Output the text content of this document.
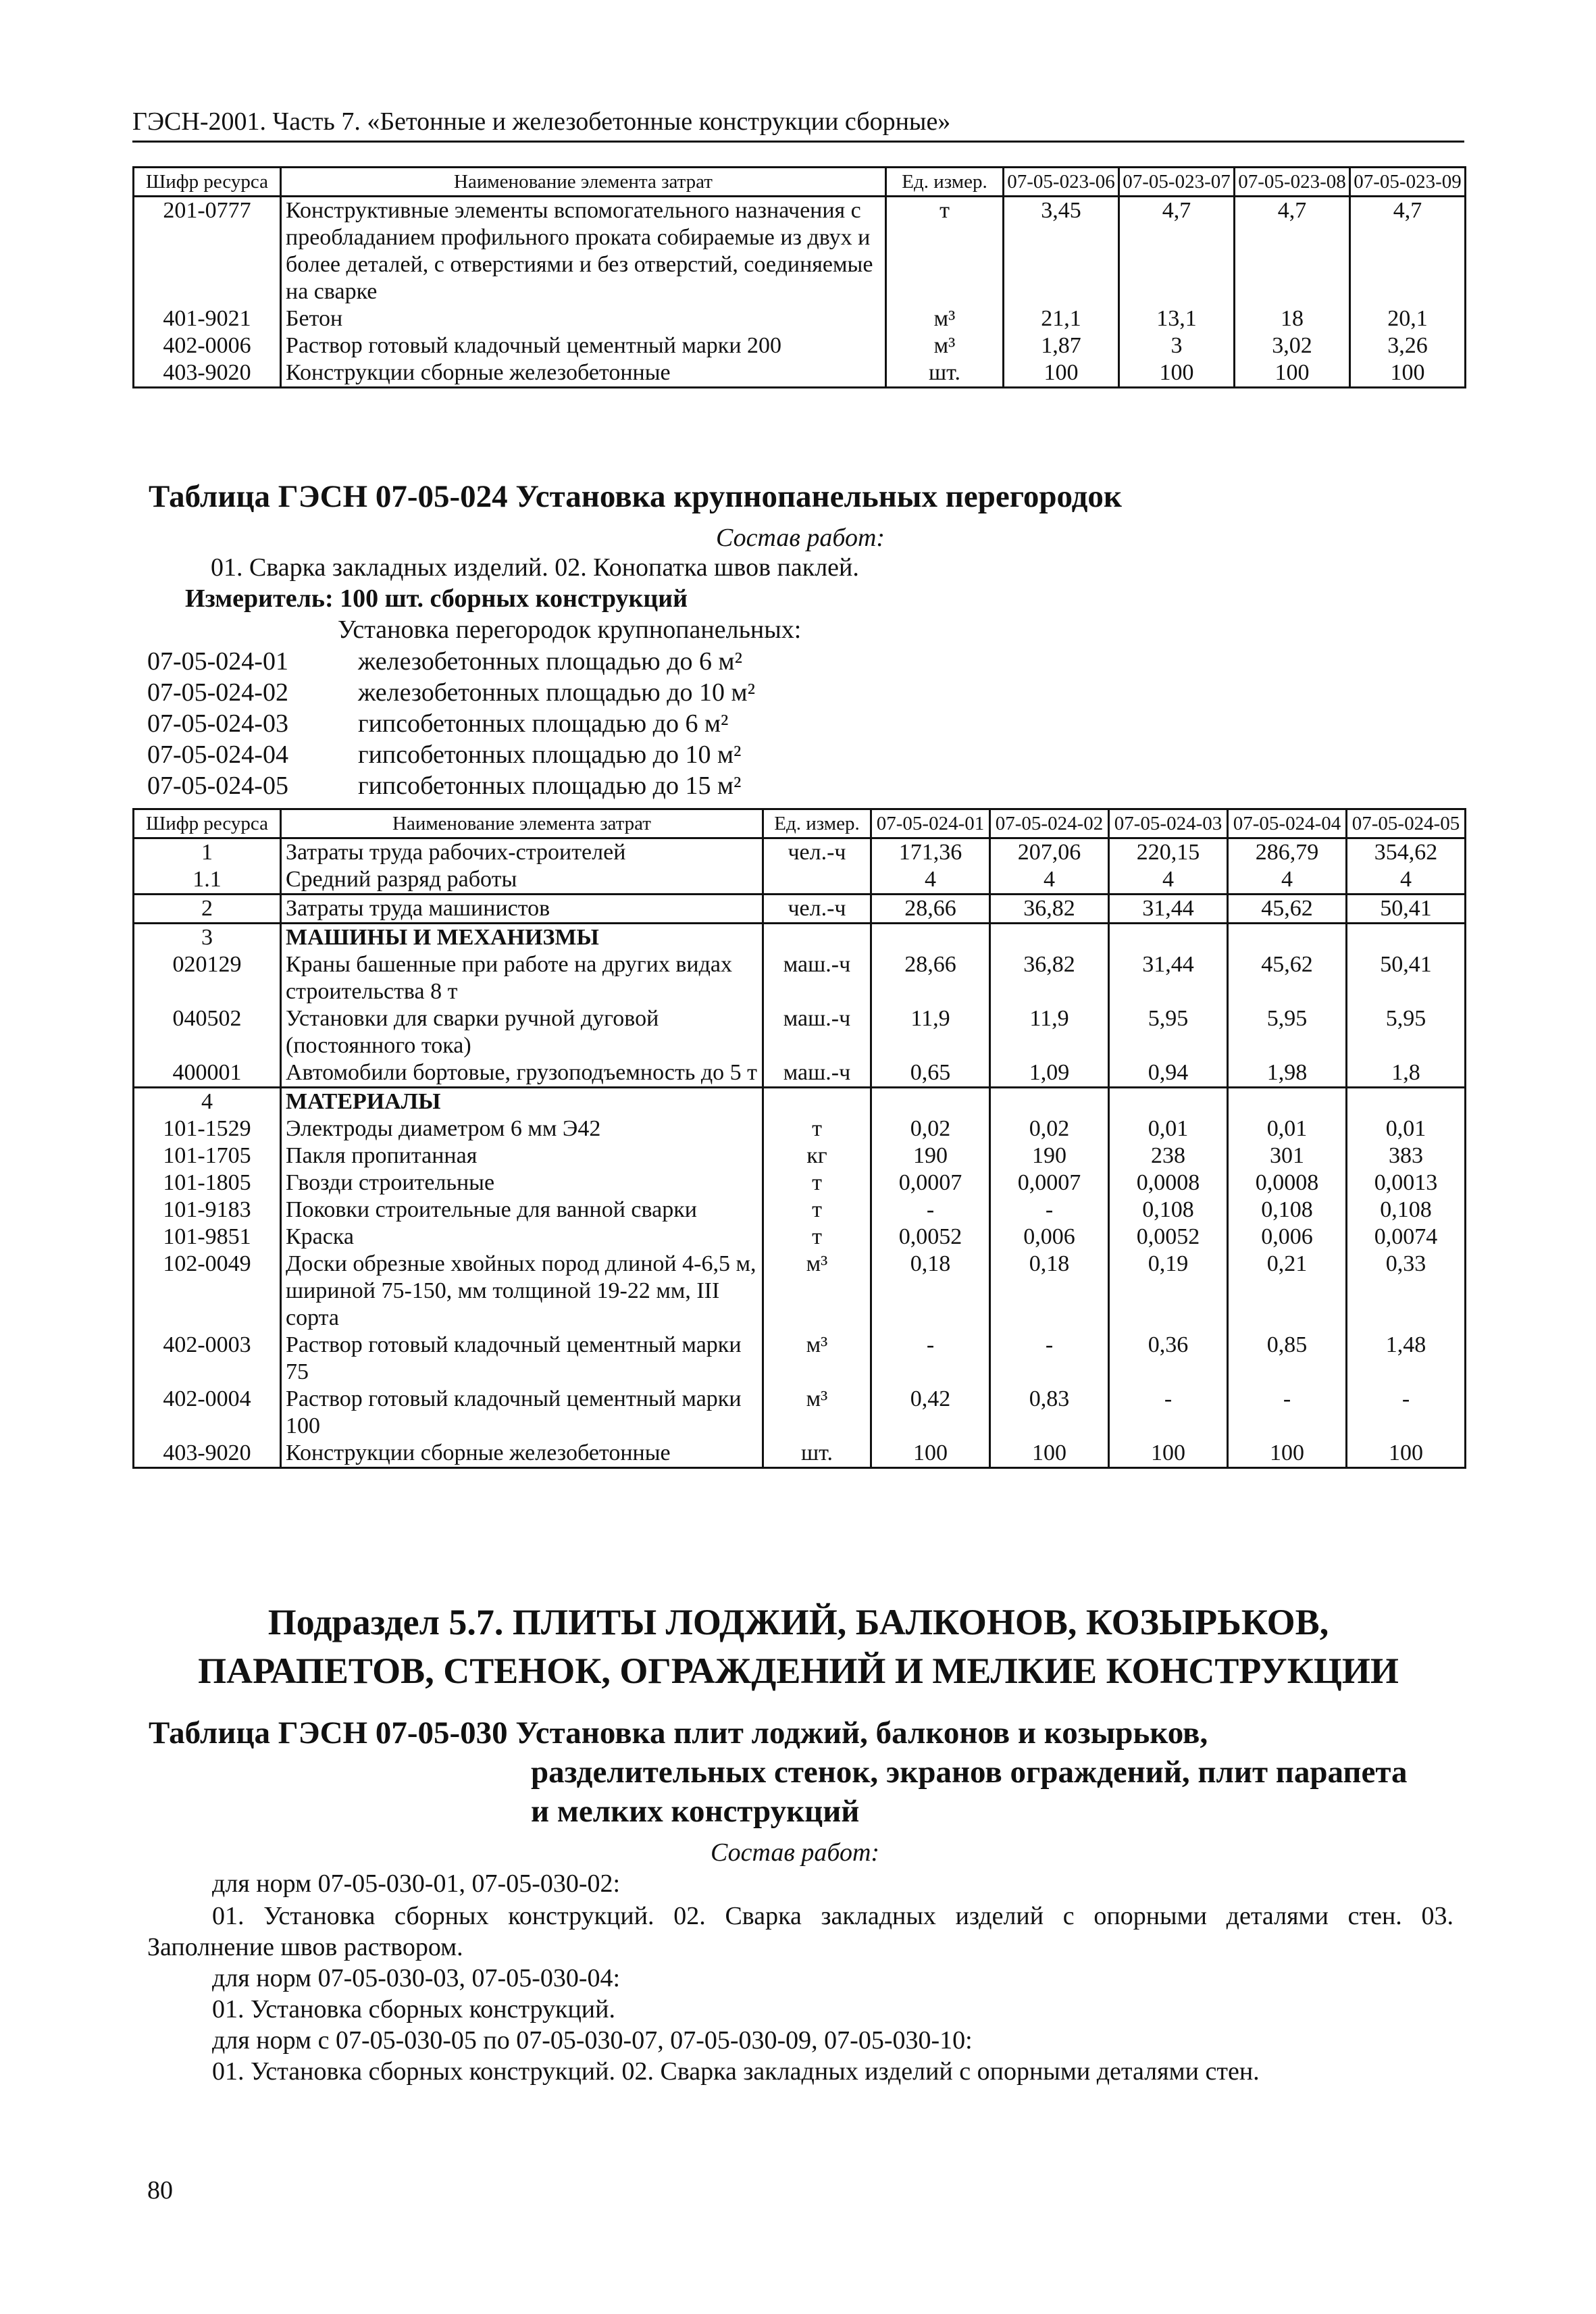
ГЭСН-2001. Часть 7. «Бетонные и железобетонные конструкции сборные»
Шифр ресурса	Наименование элемента затрат	Ед. измер.	07-05-023-06	07-05-023-07	07-05-023-08	07-05-023-09
201-0777	Конструктивные элементы вспомогательного назначения с преобладанием профильного проката собираемые из двух и более деталей, с отверстиями и без отверстий, соединяемые на сварке	т	3,45	4,7	4,7	4,7
401-9021	Бетон	м³	21,1	13,1	18	20,1
402-0006	Раствор готовый кладочный цементный марки 200	м³	1,87	3	3,02	3,26
403-9020	Конструкции сборные железобетонные	шт.	100	100	100	100
Таблица ГЭСН 07-05-024 Установка крупнопанельных перегородок
Состав работ:
01. Сварка закладных изделий. 02. Конопатка швов паклей.
Измеритель: 100 шт. сборных конструкций
Установка перегородок крупнопанельных:
07-05-024-01	железобетонных площадью до 6 м²
07-05-024-02	железобетонных площадью до 10 м²
07-05-024-03	гипсобетонных площадью до 6 м²
07-05-024-04	гипсобетонных площадью до 10 м²
07-05-024-05	гипсобетонных площадью до 15 м²
Шифр ресурса	Наименование элемента затрат	Ед. измер.	07-05-024-01	07-05-024-02	07-05-024-03	07-05-024-04	07-05-024-05
1	Затраты труда рабочих-строителей	чел.-ч	171,36	207,06	220,15	286,79	354,62
1.1	Средний разряд работы		4	4	4	4	4
2	Затраты труда машинистов	чел.-ч	28,66	36,82	31,44	45,62	50,41
3	МАШИНЫ И МЕХАНИЗМЫ						
020129	Краны башенные при работе на других видах строительства 8 т	маш.-ч	28,66	36,82	31,44	45,62	50,41
040502	Установки для сварки ручной дуговой (постоянного тока)	маш.-ч	11,9	11,9	5,95	5,95	5,95
400001	Автомобили бортовые, грузоподъемность до 5 т	маш.-ч	0,65	1,09	0,94	1,98	1,8
4	МАТЕРИАЛЫ						
101-1529	Электроды диаметром 6 мм Э42	т	0,02	0,02	0,01	0,01	0,01
101-1705	Пакля пропитанная	кг	190	190	238	301	383
101-1805	Гвозди строительные	т	0,0007	0,0007	0,0008	0,0008	0,0013
101-9183	Поковки строительные для ванной сварки	т	-	-	0,108	0,108	0,108
101-9851	Краска	т	0,0052	0,006	0,0052	0,006	0,0074
102-0049	Доски обрезные хвойных пород длиной 4-6,5 м, шириной 75-150, мм толщиной 19-22 мм, III сорта	м³	0,18	0,18	0,19	0,21	0,33
402-0003	Раствор готовый кладочный цементный марки 75	м³	-	-	0,36	0,85	1,48
402-0004	Раствор готовый кладочный цементный марки 100	м³	0,42	0,83	-	-	-
403-9020	Конструкции сборные железобетонные	шт.	100	100	100	100	100
Подраздел 5.7. ПЛИТЫ ЛОДЖИЙ, БАЛКОНОВ, КОЗЫРЬКОВ,
ПАРАПЕТОВ, СТЕНОК, ОГРАЖДЕНИЙ И МЕЛКИЕ КОНСТРУКЦИИ
Таблица ГЭСН 07-05-030 Установка плит лоджий, балконов и козырьков,
разделительных стенок, экранов ограждений, плит парапета
и мелких конструкций
Состав работ:
для норм 07-05-030-01, 07-05-030-02:
01. Установка сборных конструкций. 02. Сварка закладных изделий с опорными деталями стен. 03.
Заполнение швов раствором.
для норм 07-05-030-03, 07-05-030-04:
01. Установка сборных конструкций.
для норм с 07-05-030-05 по 07-05-030-07, 07-05-030-09, 07-05-030-10:
01. Установка сборных конструкций. 02. Сварка закладных изделий с опорными деталями стен.
80
